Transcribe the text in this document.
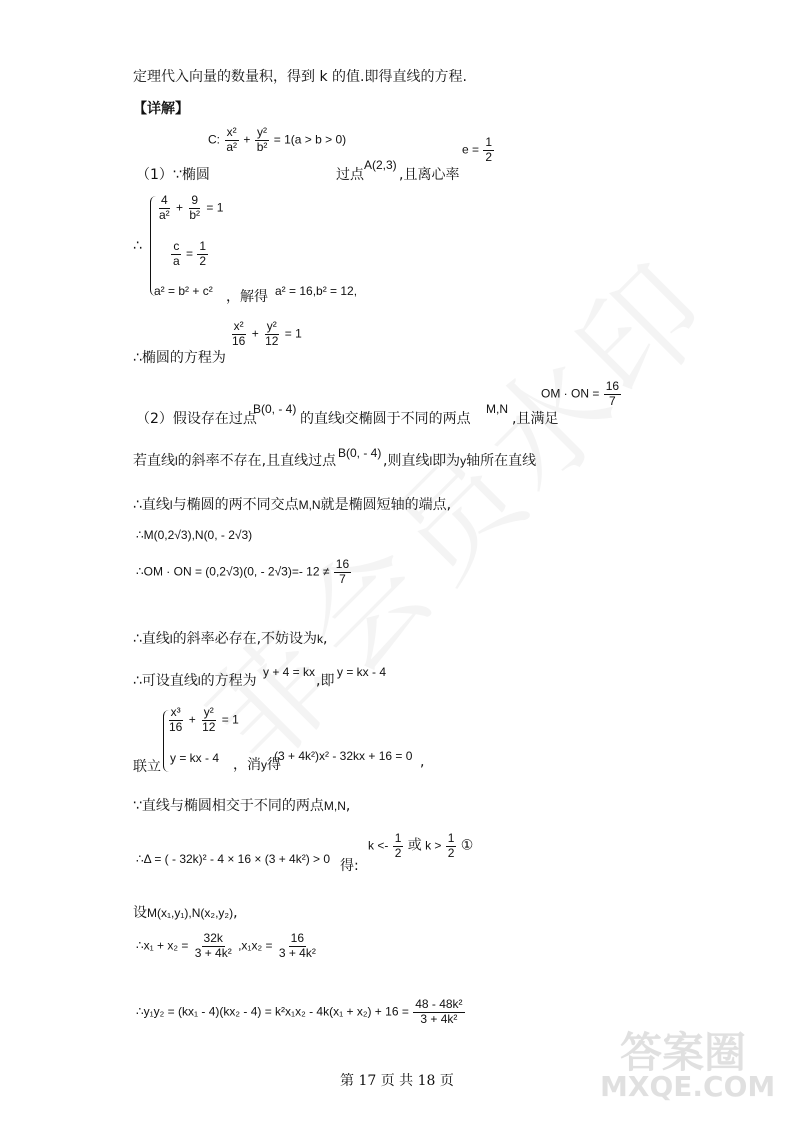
答案圈
MXQE.COM
定理代入向量的数量积，得到 k 的值.即得直线的方程.
【详解】
（1）∵椭圆
C: $\frac{\text{x²}}{\text{a²}} + \frac{\text{y²}}{\text{b²}} = 1(a > b > 0)$
过点
A(2,3)
,且离心率
$e = \frac{1}{2}$
∴
$\frac{4}{\text{a²}} + \frac{9}{\text{b²}} = 1$
$\frac{c}{a} = \frac{1}{2}$
a² = b² + c² ，解得 a² = 16,b² = 12,
∴椭圆的方程为
$\frac{\text{x²}}{16} + \frac{\text{y²}}{12} = 1$
（2）假设存在过点
B(0, - 4)
的直线l交椭圆于不同的两点
M,N
,且满足
OM · ON = $\frac{16}{7}$
若直线l的斜率不存在,且直线过点 B(0, - 4) ,则直线l即为y轴所在直线
∴直线l与椭圆的两不同交点M,N就是椭圆短轴的端点,
∴M(0,2√3),N(0, - 2√3)
∴OM · ON = (0,2√3)(0, - 2√3)=- $12 \ne \frac{16}{7}$
∴直线l的斜率必存在,不妨设为k,
∴可设直线l的方程为
y + 4 = kx
,即
y = kx - 4
联立
$\frac{\text{x³}}{16} + \frac{\text{y²}}{12} = 1$
y = kx - 4 ，消y得
(3 + 4k²)x² - 32kx + 16 = 0 ,
∵直线与椭圆相交于不同的两点M,N,
∴Δ = ( - 32k)² - 4 × 16 × (3 + 4k²) > 0 得:
$k <- \frac{1}{2}$ 或 $k > \frac{1}{2}$ ①
设M(x₁,y₁),N(x₂,y₂),
∴x₁ + $x_2 = \frac{32k}{\text{3 + 4k²}} ,x_1x_2 = \frac{16}{\text{3 + 4k²}}$
∴y₁y₂ = $(kx_1 - 4)(kx_2 - 4) = k^2x_1x_2 - 4k(x_1 + x_2) + 16 = \frac{\text{48 - 48k²}}{\text{3 + 4k²}}$
第 17 页 共 18 页
